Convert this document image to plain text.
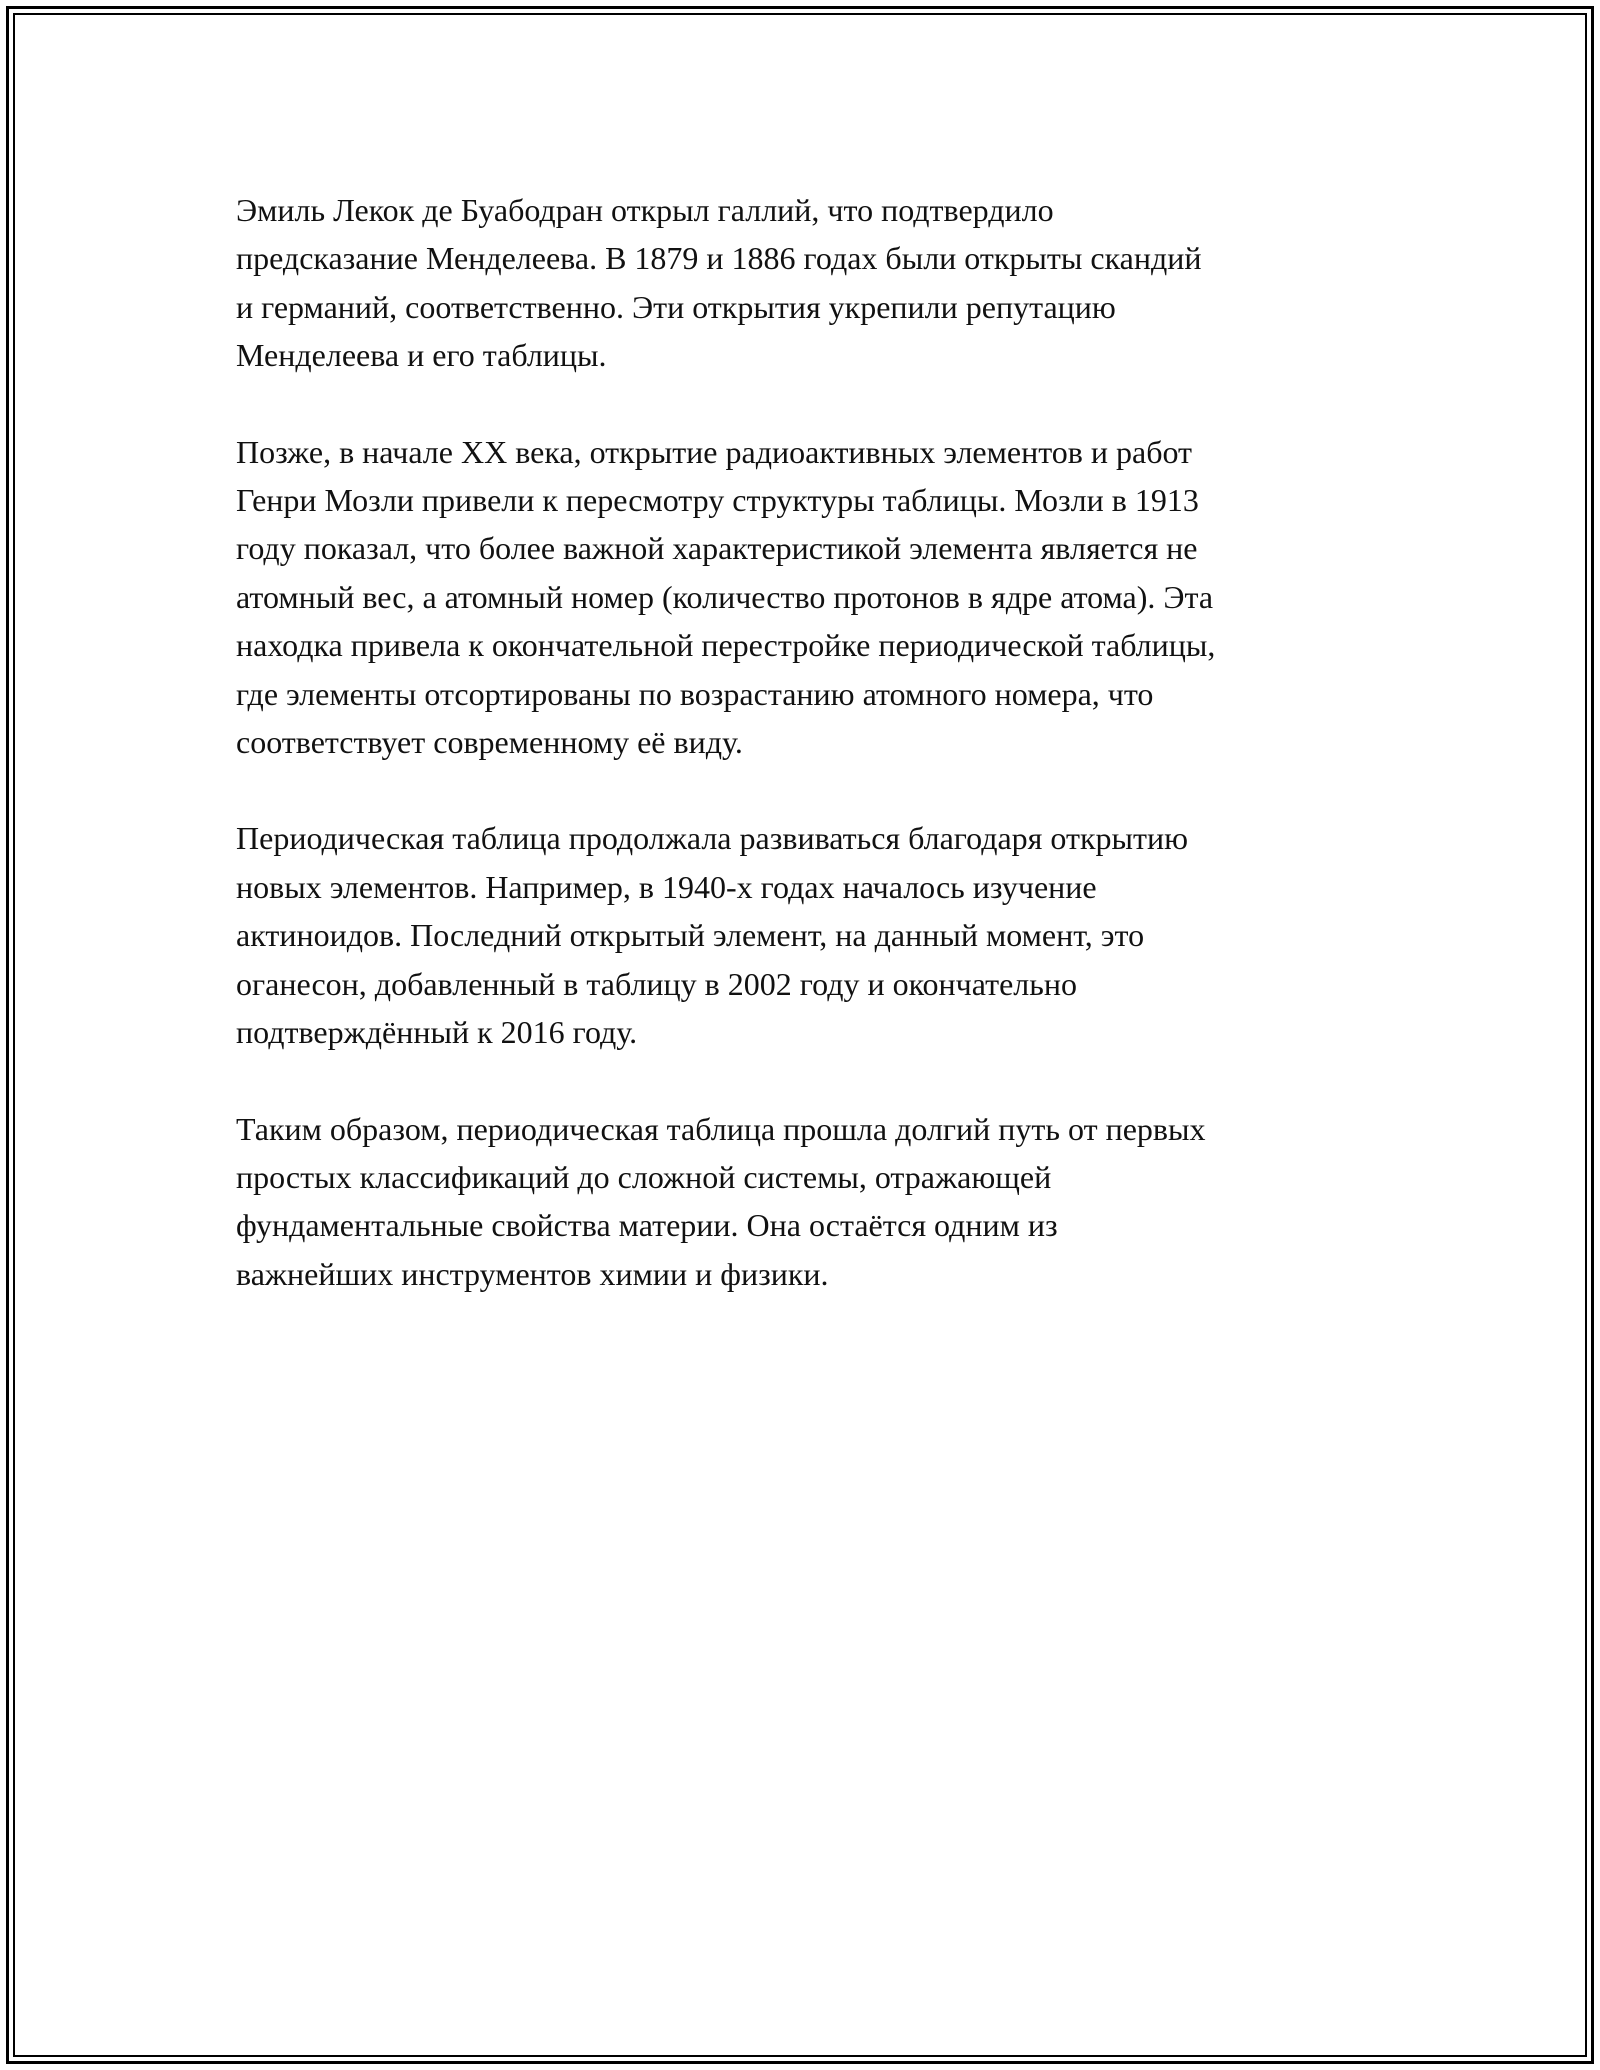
Эмиль Лекок де Буабодран открыл галлий, что подтвердило
предсказание Менделеева. В 1879 и 1886 годах были открыты скандий
и германий, соответственно. Эти открытия укрепили репутацию
Менделеева и его таблицы.

Позже, в начале XX века, открытие радиоактивных элементов и работ
Генри Мозли привели к пересмотру структуры таблицы. Мозли в 1913
году показал, что более важной характеристикой элемента является не
атомный вес, а атомный номер (количество протонов в ядре атома). Эта
находка привела к окончательной перестройке периодической таблицы,
где элементы отсортированы по возрастанию атомного номера, что
соответствует современному её виду.

Периодическая таблица продолжала развиваться благодаря открытию
новых элементов. Например, в 1940-х годах началось изучение
актиноидов. Последний открытый элемент, на данный момент, это
оганесон, добавленный в таблицу в 2002 году и окончательно
подтверждённый к 2016 году.

Таким образом, периодическая таблица прошла долгий путь от первых
простых классификаций до сложной системы, отражающей
фундаментальные свойства материи. Она остаётся одним из
важнейших инструментов химии и физики.
